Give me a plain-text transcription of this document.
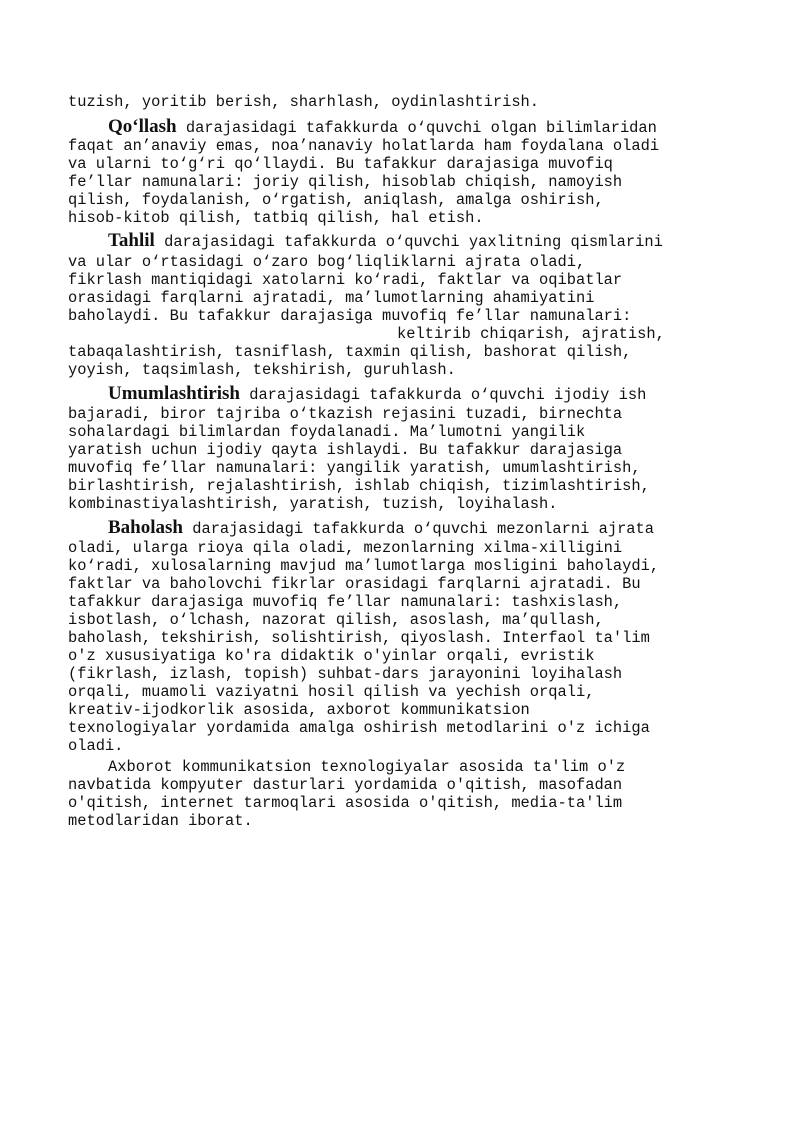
tuzish, yoritib berish, sharhlash, oydinlashtirish.

Qo‘llash darajasidagi tafakkurda o‘quvchi olgan bilimlaridan

faqat an’anaviy emas, noa’nanaviy holatlarda ham foydalana oladi

va ularni to‘g‘ri qo‘llaydi. Bu tafakkur darajasiga muvofiq

fe’llar namunalari: joriy qilish, hisoblab chiqish, namoyish

qilish, foydalanish, o‘rgatish, aniqlash, amalga oshirish,

hisob-kitob qilish, tatbiq qilish, hal etish.

Tahlil darajasidagi tafakkurda o‘quvchi yaxlitning qismlarini

va ular o‘rtasidagi o‘zaro bog‘liqliklarni ajrata oladi,

fikrlash mantiqidagi xatolarni ko‘radi, faktlar va oqibatlar

orasidagi farqlarni ajratadi, ma’lumotlarning ahamiyatini

baholaydi. Bu tafakkur darajasiga muvofiq fe’llar namunalari:

keltirib chiqarish, ajratish,

tabaqalashtirish, tasniflash, taxmin qilish, bashorat qilish,

yoyish, taqsimlash, tekshirish, guruhlash.

Umumlashtirish darajasidagi tafakkurda o‘quvchi ijodiy ish

bajaradi, biror tajriba o‘tkazish rejasini tuzadi, birnechta

sohalardagi bilimlardan foydalanadi. Ma’lumotni yangilik

yaratish uchun ijodiy qayta ishlaydi. Bu tafakkur darajasiga

muvofiq fe’llar namunalari: yangilik yaratish, umumlashtirish,

birlashtirish, rejalashtirish, ishlab chiqish, tizimlashtirish,

kombinastiyalashtirish, yaratish, tuzish, loyihalash.

Baholash darajasidagi tafakkurda o‘quvchi mezonlarni ajrata

oladi, ularga rioya qila oladi, mezonlarning xilma-xilligini

ko‘radi, xulosalarning mavjud ma’lumotlarga mosligini baholaydi,

faktlar va baholovchi fikrlar orasidagi farqlarni ajratadi. Bu

tafakkur darajasiga muvofiq fe’llar namunalari: tashxislash,

isbotlash, o‘lchash, nazorat qilish, asoslash, ma’qullash,

baholash, tekshirish, solishtirish, qiyoslash. Interfaol ta'lim

o'z xususiyatiga ko'ra didaktik o'yinlar orqali, evristik

(fikrlash, izlash, topish) suhbat-dars jarayonini loyihalash

orqali, muamoli vaziyatni hosil qilish va yechish orqali,

kreativ-ijodkorlik asosida, axborot kommunikatsion

texnologiyalar yordamida amalga oshirish metodlarini o'z ichiga

oladi.

Axborot kommunikatsion texnologiyalar asosida ta'lim o'z

navbatida kompyuter dasturlari yordamida o'qitish, masofadan

o'qitish, internet tarmoqlari asosida o'qitish, media-ta'lim

metodlaridan iborat.
